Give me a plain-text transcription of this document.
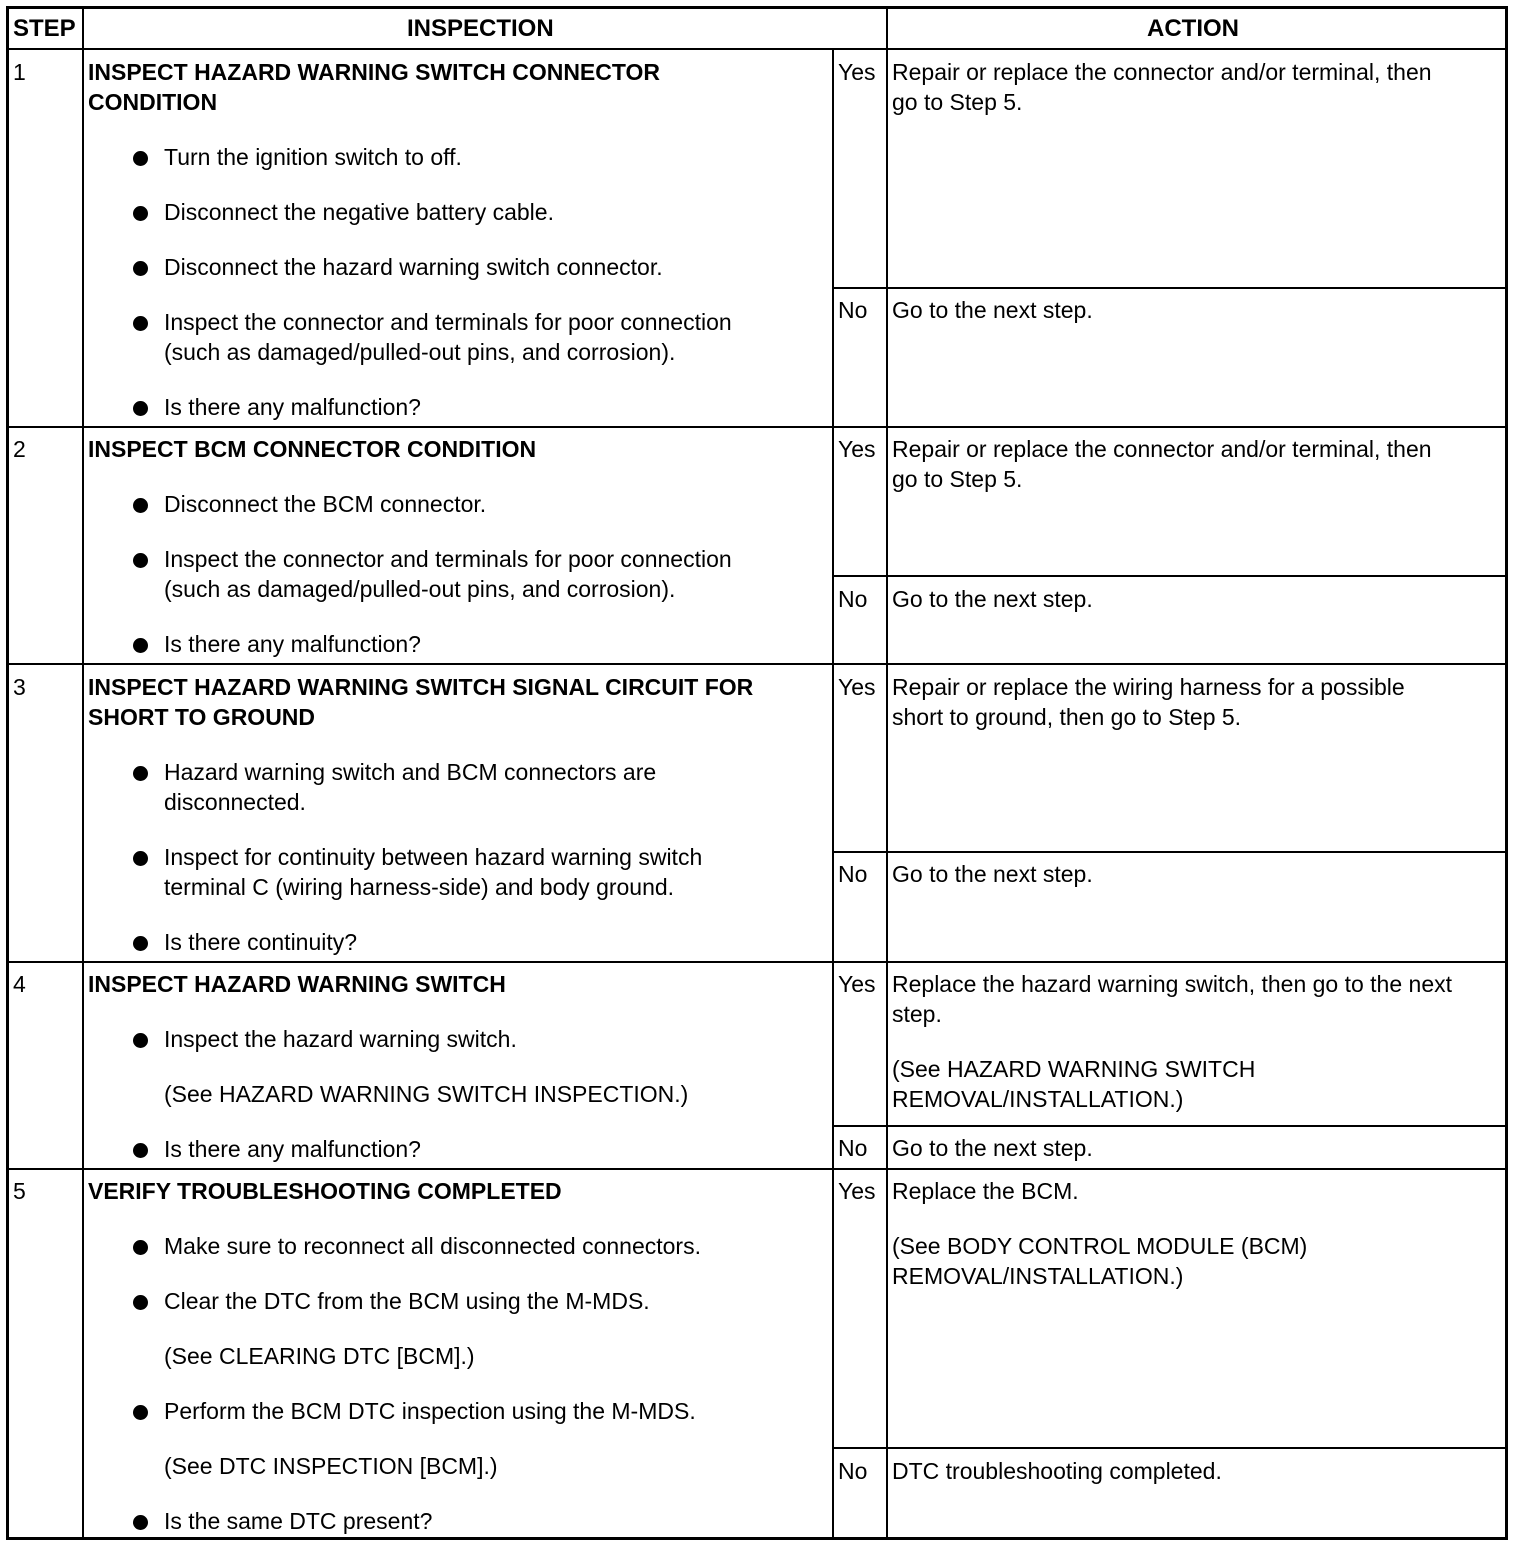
STEP	INSPECTION	ACTION
1	INSPECT HAZARD WARNING SWITCH CONNECTOR
CONDITION
Turn the ignition switch to off.
Disconnect the negative battery cable.
Disconnect the hazard warning switch connector.
Inspect the connector and terminals for poor connection
(such as damaged/pulled-out pins, and corrosion).
Is there any malfunction?
Yes Repair or replace the connector and/or terminal, then
go to Step 5.
No Go to the next step.
2	INSPECT BCM CONNECTOR CONDITION
Disconnect the BCM connector.
Inspect the connector and terminals for poor connection
(such as damaged/pulled-out pins, and corrosion).
Is there any malfunction?
Yes Repair or replace the connector and/or terminal, then
go to Step 5.
No Go to the next step.
3	INSPECT HAZARD WARNING SWITCH SIGNAL CIRCUIT FOR
SHORT TO GROUND
Hazard warning switch and BCM connectors are
disconnected.
Inspect for continuity between hazard warning switch
terminal C (wiring harness-side) and body ground.
Is there continuity?
Yes Repair or replace the wiring harness for a possible
short to ground, then go to Step 5.
No Go to the next step.
4	INSPECT HAZARD WARNING SWITCH
Inspect the hazard warning switch.
(See HAZARD WARNING SWITCH INSPECTION.)
Is there any malfunction?
Yes Replace the hazard warning switch, then go to the next
step.
(See HAZARD WARNING SWITCH
REMOVAL/INSTALLATION.)
No Go to the next step.
5	VERIFY TROUBLESHOOTING COMPLETED
Make sure to reconnect all disconnected connectors.
Clear the DTC from the BCM using the M-MDS.
(See CLEARING DTC [BCM].)
Perform the BCM DTC inspection using the M-MDS.
(See DTC INSPECTION [BCM].)
Is the same DTC present?
Yes Replace the BCM.
(See BODY CONTROL MODULE (BCM)
REMOVAL/INSTALLATION.)
No DTC troubleshooting completed.
